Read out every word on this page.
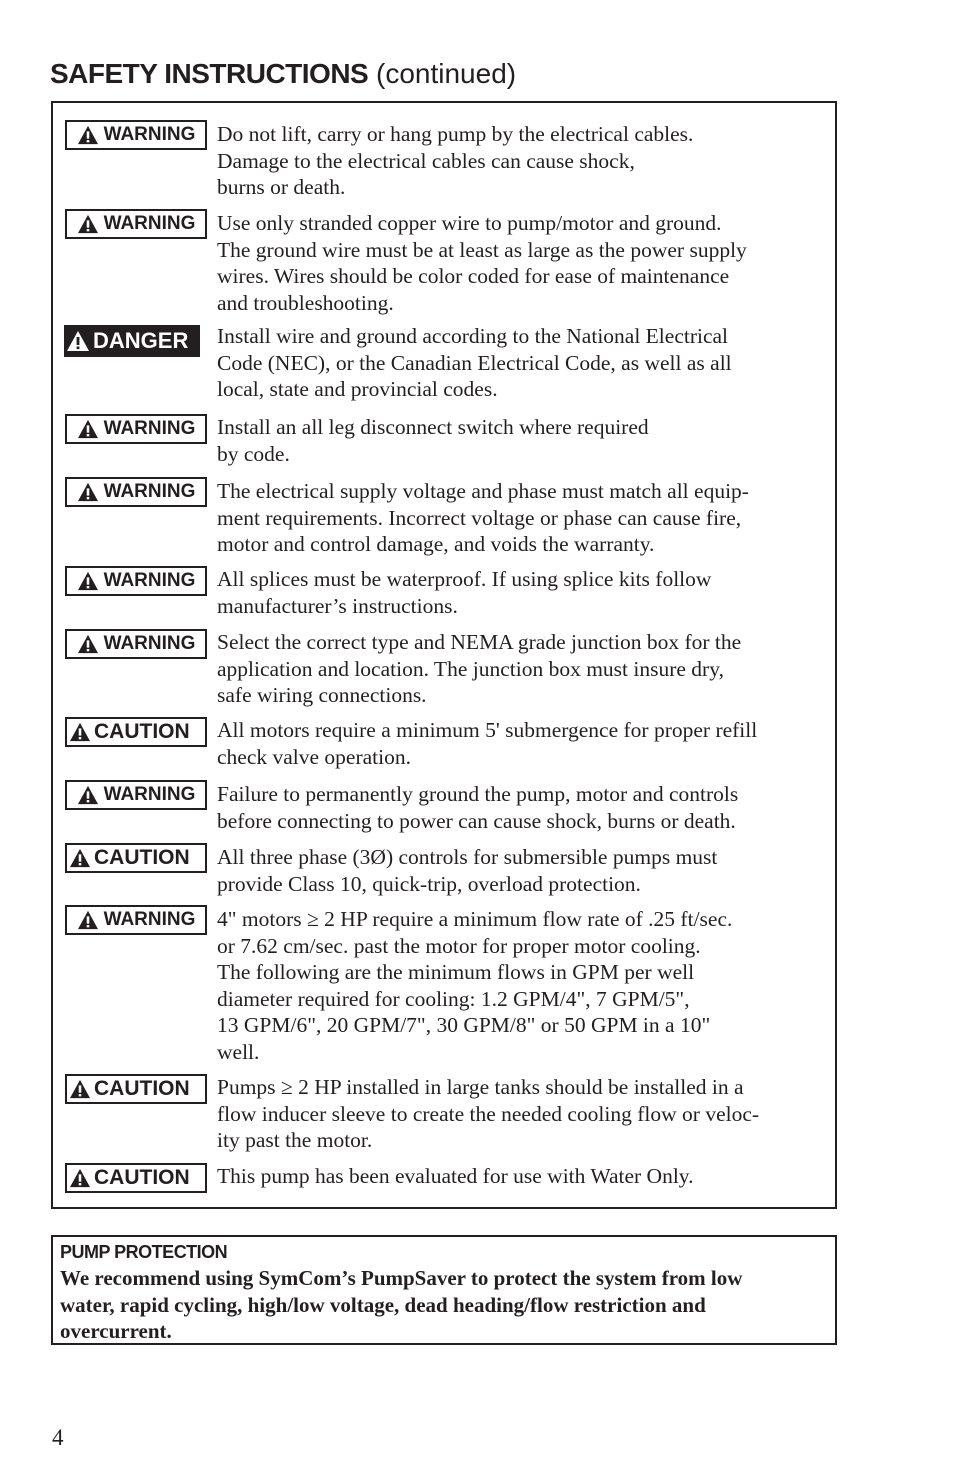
SAFETY INSTRUCTIONS (continued)
WARNING Do not lift, carry or hang pump by the electrical cables.
Damage to the electrical cables can cause shock,
burns or death.
WARNING Use only stranded copper wire to pump/motor and ground.
The ground wire must be at least as large as the power supply
wires. Wires should be color coded for ease of maintenance
and troubleshooting.
DANGER Install wire and ground according to the National Electrical
Code (NEC), or the Canadian Electrical Code, as well as all
local, state and provincial codes.
WARNING Install an all leg disconnect switch where required
by code.
WARNING The electrical supply voltage and phase must match all equip-
ment requirements. Incorrect voltage or phase can cause fire,
motor and control damage, and voids the warranty.
WARNING All splices must be waterproof. If using splice kits follow
manufacturer’s instructions.
WARNING Select the correct type and NEMA grade junction box for the
application and location. The junction box must insure dry,
safe wiring connections.
CAUTION All motors require a minimum 5' submergence for proper refill
check valve operation.
WARNING Failure to permanently ground the pump, motor and controls
before connecting to power can cause shock, burns or death.
CAUTION All three phase (3Ø) controls for submersible pumps must
provide Class 10, quick-trip, overload protection.
WARNING 4" motors ≥ 2 HP require a minimum flow rate of .25 ft/sec.
or 7.62 cm/sec. past the motor for proper motor cooling.
The following are the minimum flows in GPM per well
diameter required for cooling: 1.2 GPM/4", 7 GPM/5",
13 GPM/6", 20 GPM/7", 30 GPM/8" or 50 GPM in a 10"
well.
CAUTION Pumps ≥ 2 HP installed in large tanks should be installed in a
flow inducer sleeve to create the needed cooling flow or veloc-
ity past the motor.
CAUTION This pump has been evaluated for use with Water Only.
PUMP PROTECTION
We recommend using SymCom’s PumpSaver to protect the system from low
water, rapid cycling, high/low voltage, dead heading/flow restriction and
overcurrent.
4
